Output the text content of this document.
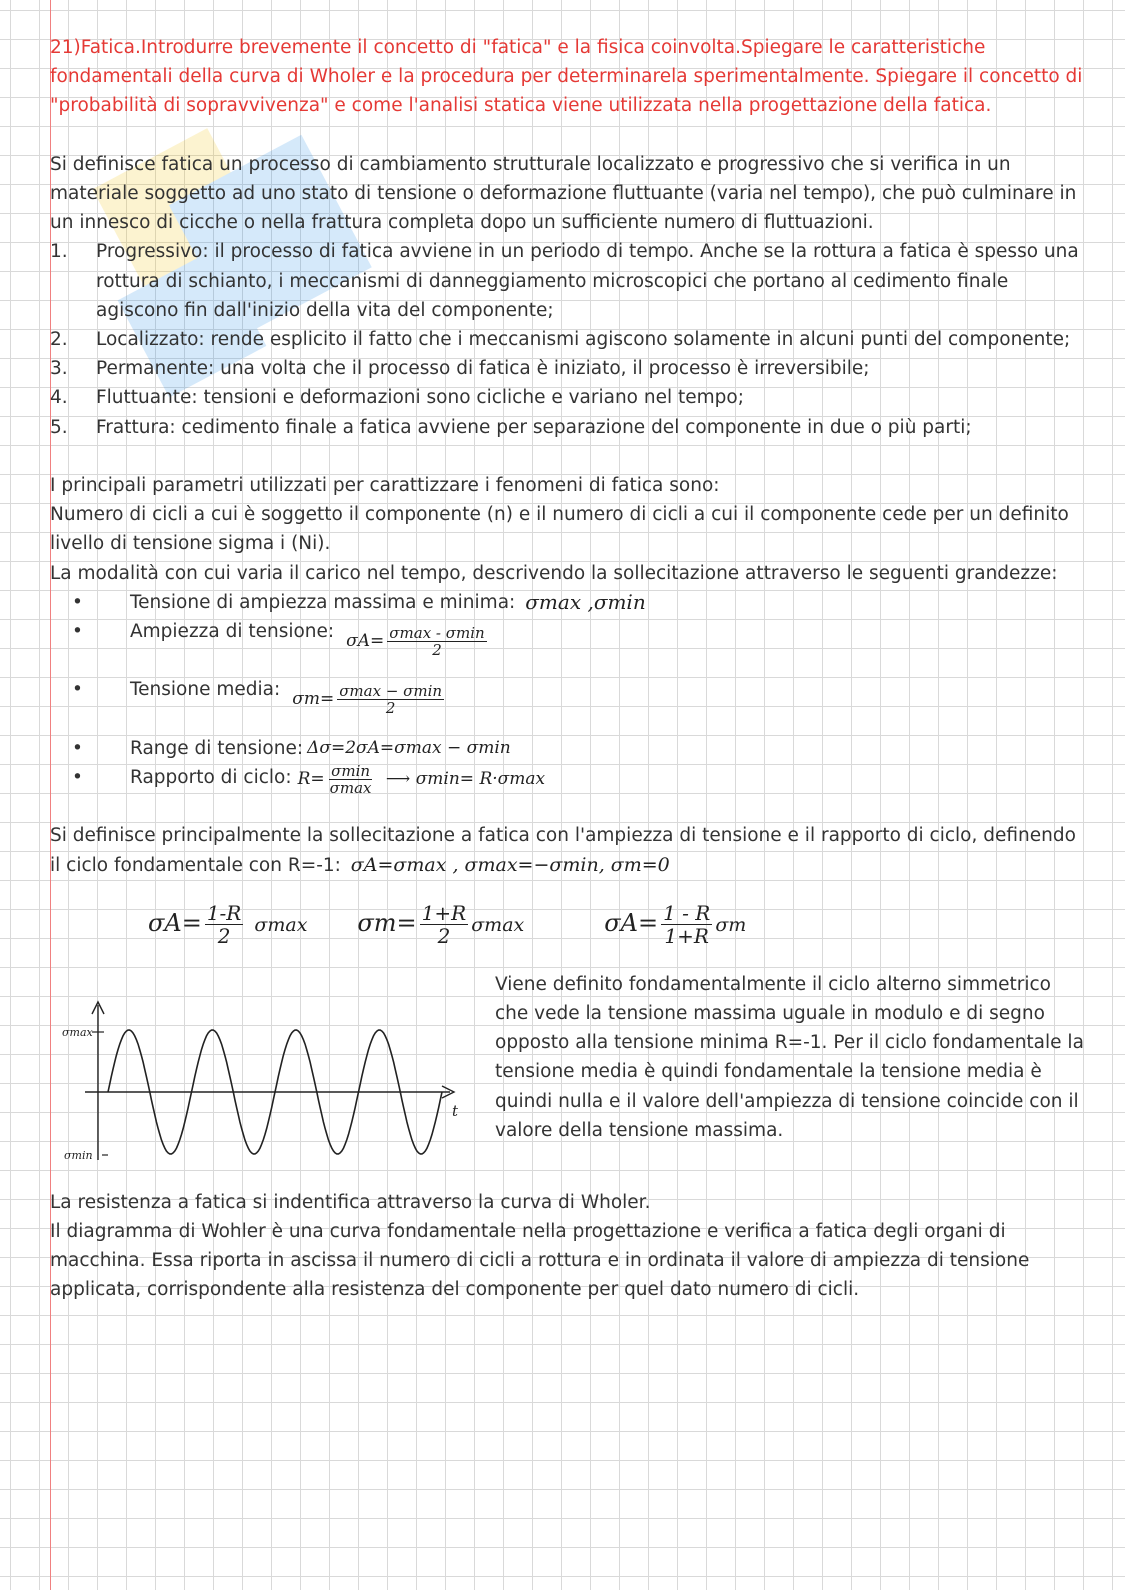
21)Fatica.Introdurre brevemente il concetto di "fatica" e la fisica coinvolta.Spiegare le caratteristiche fondamentali della curva di Wholer e la procedura per determinarela sperimentalmente. Spiegare il concetto di "probabilità di sopravvivenza" e come l'analisi statica viene utilizzata nella progettazione della fatica.

Si definisce fatica un processo di cambiamento strutturale localizzato e progressivo che si verifica in un materiale soggetto ad uno stato di tensione o deformazione fluttuante (varia nel tempo), che può culminare in un innesco di cicche o nella frattura completa dopo un sufficiente numero di fluttuazioni.

1.	Progressivo: il processo di fatica avviene in un periodo di tempo. Anche se la rottura a fatica è spesso una rottura di schianto, i meccanismi di danneggiamento microscopici che portano al cedimento finale agiscono fin dall'inizio della vita del componente;
2.	Localizzato: rende esplicito il fatto che i meccanismi agiscono solamente in alcuni punti del componente;
3.	Permanente: una volta che il processo di fatica è iniziato, il processo è irreversibile;
4.	Fluttuante: tensioni e deformazioni sono cicliche e variano nel tempo;
5.	Frattura: cedimento finale a fatica avviene per separazione del componente in due o più parti;

I principali parametri utilizzati per carattizzare i fenomeni di fatica sono:

Numero di cicli a cui è soggetto il componente (n) e il numero di cicli a cui il componente cede per un definito livello di tensione sigma i (Ni).

La modalità con cui varia il carico nel tempo, descrivendo la sollecitazione attraverso le seguenti grandezze:

•	Tensione di ampiezza massima e minima: σmax ,σmin
•	Ampiezza di tensione: $\sigma A= \frac{\sigma\max - \sigma\min}{2}$
•	Tensione media: $\sigma m= \frac{\sigma\max - \sigma\min}{2}$
•	Range di tensione: Δσ=2σA=σmax − σmin
•	Rapporto di ciclo: $R= \frac{\sigma\min}{\sigma\max}$ ⟶ σmin= R·σmax

Si definisce principalmente la sollecitazione a fatica con l'ampiezza di tensione e il rapporto di ciclo, definendo il ciclo fondamentale con R=-1: σA=σmax , σmax=−σmin, σm=0

$\sigma A= \frac{1-R}{2}$ σmax $\sigma m= \frac{1+R}{2}$ σmax	$\sigma A= \frac{1 - R}{1+R}$ σm
σmax
σmin
t

Viene definito fondamentalmente il ciclo alterno simmetrico che vede la tensione massima uguale in modulo e di segno opposto alla tensione minima R=-1. Per il ciclo fondamentale la tensione media è quindi fondamentale la tensione media è quindi nulla e il valore dell'ampiezza di tensione coincide con il valore della tensione massima.

La resistenza a fatica si indentifica attraverso la curva di Wholer.

Il diagramma di Wohler è una curva fondamentale nella progettazione e verifica a fatica degli organi di macchina. Essa riporta in ascissa il numero di cicli a rottura e in ordinata il valore di ampiezza di tensione applicata, corrispondente alla resistenza del componente per quel dato numero di cicli.
